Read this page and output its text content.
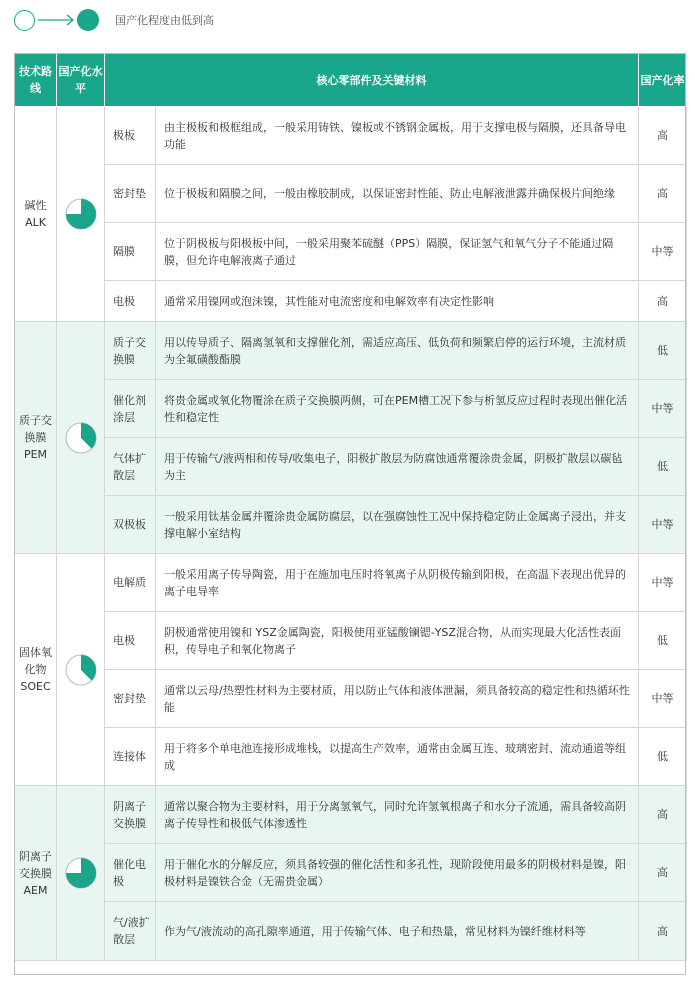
国产化程度由低到高
技术路线	国产化水平	核心零部件及关键材料		国产化率
碱性ALK		极板	由主极板和极框组成，一般采用铸铁、镍板或不锈钢金属板，用于支撑电极与隔膜，还具备导电功能	高
		密封垫	位于极板和隔膜之间，一般由橡胶制成，以保证密封性能、防止电解液泄露并确保极片间绝缘	高
		隔膜	位于阴极板与阳极板中间，一般采用聚苯硫醚（PPS）隔膜，保证氢气和氧气分子不能通过隔膜，但允许电解液离子通过	中等
		电极	通常采用镍网或泡沫镍，其性能对电流密度和电解效率有决定性影响	高
质子交换膜PEM		质子交换膜	用以传导质子、隔离氢氧和支撑催化剂，需适应高压、低负荷和频繁启停的运行环境，主流材质为全氟磺酸酯膜	低
		催化剂涂层	将贵金属或氧化物覆涂在质子交换膜两侧，可在PEM槽工况下参与析氢反应过程时表现出催化活性和稳定性	中等
		气体扩散层	用于传输气/液两相和传导/收集电子，阳极扩散层为防腐蚀通常覆涂贵金属，阴极扩散层以碳毡为主	低
		双极板	一般采用钛基金属并覆涂贵金属防腐层，以在强腐蚀性工况中保持稳定防止金属离子浸出，并支撑电解小室结构	中等
固体氧化物SOEC		电解质	一般采用离子传导陶瓷，用于在施加电压时将氧离子从阴极传输到阳极，在高温下表现出优异的离子电导率	中等
		电极	阴极通常使用镍和 YSZ金属陶瓷，阳极使用亚锰酸镧锶-YSZ混合物，从而实现最大化活性表面积，传导电子和氧化物离子	低
		密封垫	通常以云母/热塑性材料为主要材质，用以防止气体和液体泄漏，须具备较高的稳定性和热循环性能	中等
		连接体	用于将多个单电池连接形成堆栈，以提高生产效率，通常由金属互连、玻璃密封、流动通道等组成	低
阴离子交换膜AEM		阴离子交换膜	通常以聚合物为主要材料，用于分离氢氧气，同时允许氢氧根离子和水分子流通，需具备较高阴离子传导性和极低气体渗透性	高
		催化电极	用于催化水的分解反应，须具备较强的催化活性和多孔性，现阶段使用最多的阴极材料是镍，阳极材料是镍铁合金（无需贵金属）	高
		气/液扩散层	作为气/液流动的高孔隙率通道，用于传输气体、电子和热量，常见材料为镍纤维材料等	高
